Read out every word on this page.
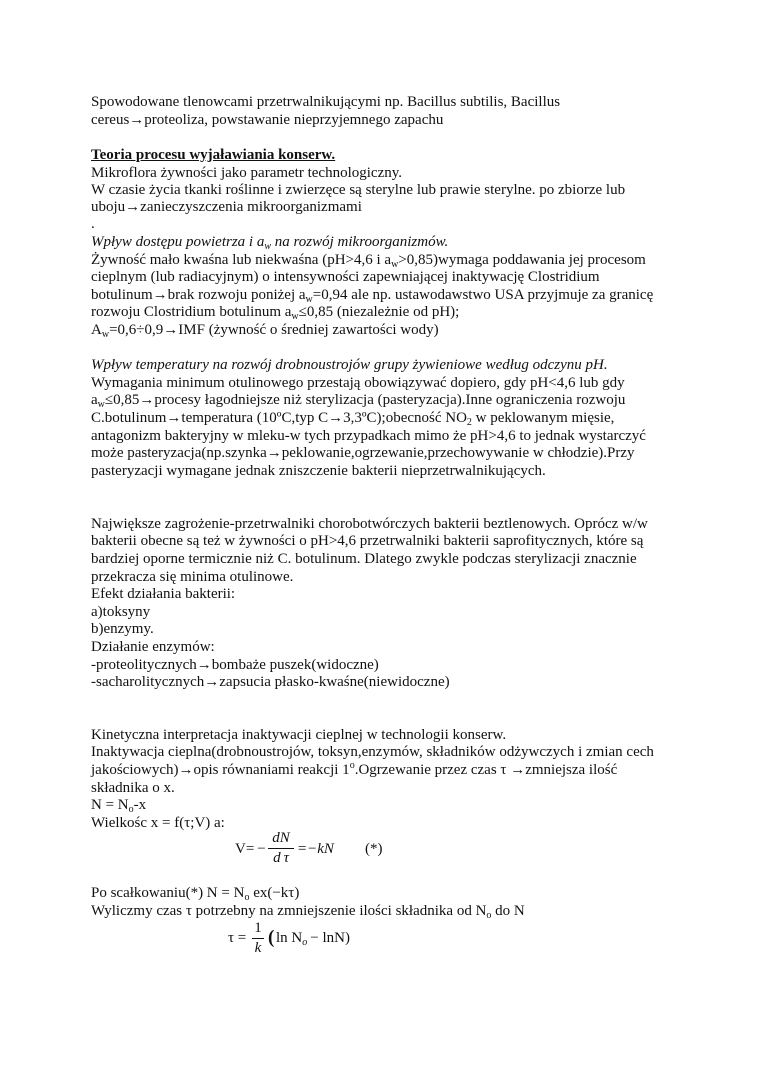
Spowodowane tlenowcami przetrwalnikującymi np. Bacillus subtilis, Bacillus
cereus→proteoliza, powstawanie nieprzyjemnego zapachu
Teoria procesu wyjaławiania konserw.
Mikroflora żywności jako parametr technologiczny.
W czasie życia tkanki roślinne i zwierzęce są sterylne lub prawie sterylne. po zbiorze lub
uboju→zanieczyszczenia mikroorganizmami
.
Wpływ dostępu powietrza i $a_w$ na rozwój mikroorganizmów.
Żywność mało kwaśna lub niekwaśna (pH>4,6 i $a_w>0,85)wymaga$ poddawania jej procesom
cieplnym (lub radiacyjnym) o intensywności zapewniającej inaktywację Clostridium
botulinum→brak rozwoju poniżej $a_w=0,94$ ale np. ustawodawstwo USA przyjmuje za granicę
rozwoju Clostridium botulinum $a_w\le 0,85$ (niezależnie od pH);
$A_w=0,6\div 0,9\to IMF$ (żywność o średniej zawartości wody)
Wpływ temperatury na rozwój drobnoustrojów grupy żywieniowe według odczynu pH.
Wymagania minimum otulinowego przestają obowiązywać dopiero, gdy pH<4,6 lub gdy
$a_w\le 0,85\to procesy$ łagodniejsze niż sterylizacja (pasteryzacja).Inne ograniczenia rozwoju
C.botulinum→temperatura (10ºC,typ C→3,3ºC);obecność $NO_2$ w peklowanym mięsie,
antagonizm bakteryjny w mleku-w tych przypadkach mimo że pH>4,6 to jednak wystarczyć
może pasteryzacja(np.szynka→peklowanie,ogrzewanie,przechowywanie w chłodzie).Przy
pasteryzacji wymagane jednak zniszczenie bakterii nieprzetrwalnikujących.
Największe zagrożenie-przetrwalniki chorobotwórczych bakterii beztlenowych. Oprócz w/w
bakterii obecne są też w żywności o pH>4,6 przetrwalniki bakterii saprofitycznych, które są
bardziej oporne termicznie niż C. botulinum. Dlatego zwykle podczas sterylizacji znacznie
przekracza się minima otulinowe.
Efekt działania bakterii:
a)toksyny
b)enzymy.
Działanie enzymów:
-proteolitycznych→bombaże puszek(widoczne)
-sacharolitycznych→zapsucia płasko-kwaśne(niewidoczne)
Kinetyczna interpretacja inaktywacji cieplnej w technologii konserw.
Inaktywacja cieplna(drobnoustrojów, toksyn,enzymów, składników odżywczych i zmian cech
jakościowych)→opis równaniami reakcji 1$^o$.Ogrzewanie przez czas τ →zmniejsza ilość
składnika o x.
$N = N_o-x$
Wielkośc x = f(τ;V) a:
V= −
dN
d τ
=−kN (*)
Po scałkowaniu(*) $N = N_o$ ex(−kτ)
Wyliczmy czas τ potrzebny na zmniejszenie ilości składnika od $N_o$ do N
τ =
1
k ( $\ln N_o - \ln N$)
